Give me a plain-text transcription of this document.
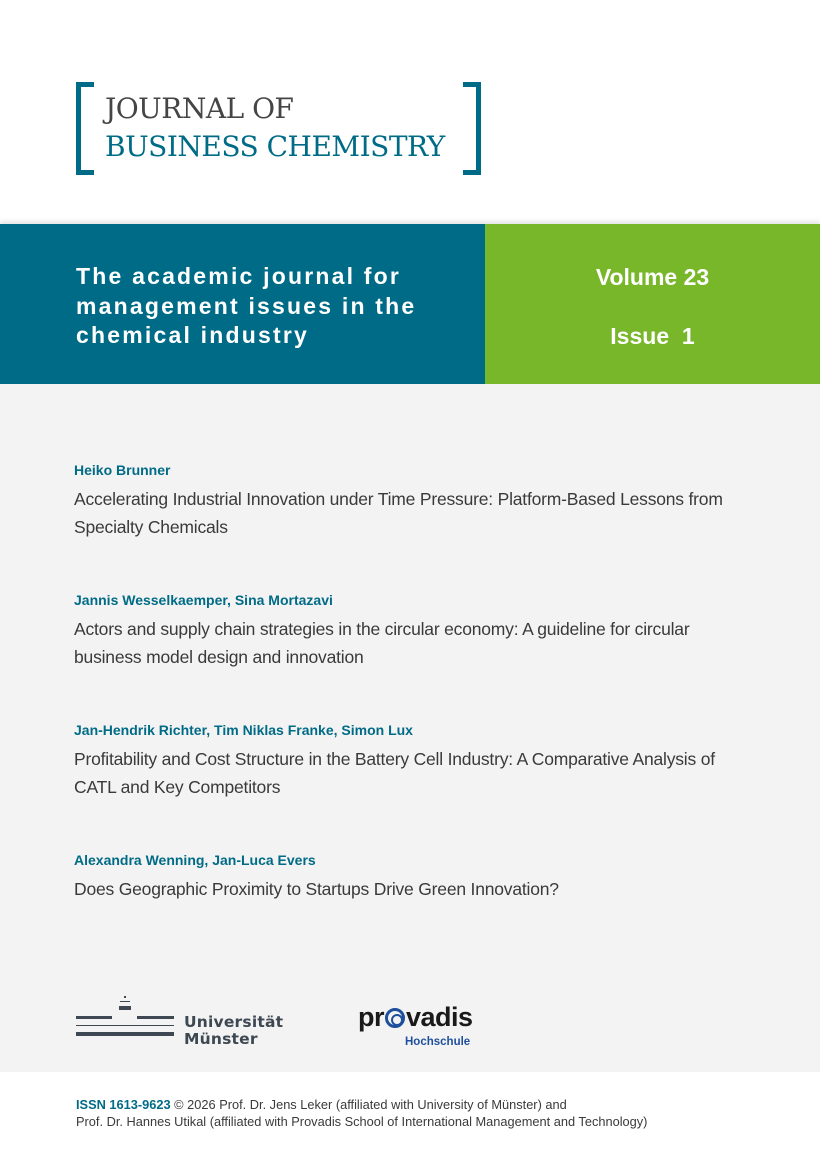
JOURNAL OF
BUSINESS CHEMISTRY
The academic journal for
management issues in the
chemical industry
Volume 23
Issue  1
Heiko Brunner
Accelerating Industrial Innovation under Time Pressure: Platform-Based Lessons from Specialty Chemicals
Jannis Wesselkaemper, Sina Mortazavi
Actors and supply chain strategies in the circular economy: A guideline for circular business model design and innovation
Jan-Hendrik Richter, Tim Niklas Franke, Simon Lux
Profitability and Cost Structure in the Battery Cell Industry: A Comparative Analysis of CATL and Key Competitors
Alexandra Wenning, Jan-Luca Evers
Does Geographic Proximity to Startups Drive Green Innovation?
Universität
Münster
pr vadis
Hochschule
ISSN 1613-9623 © 2026 Prof. Dr. Jens Leker (affiliated with University of Münster) and
Prof. Dr. Hannes Utikal (affiliated with Provadis School of International Management and Technology)
